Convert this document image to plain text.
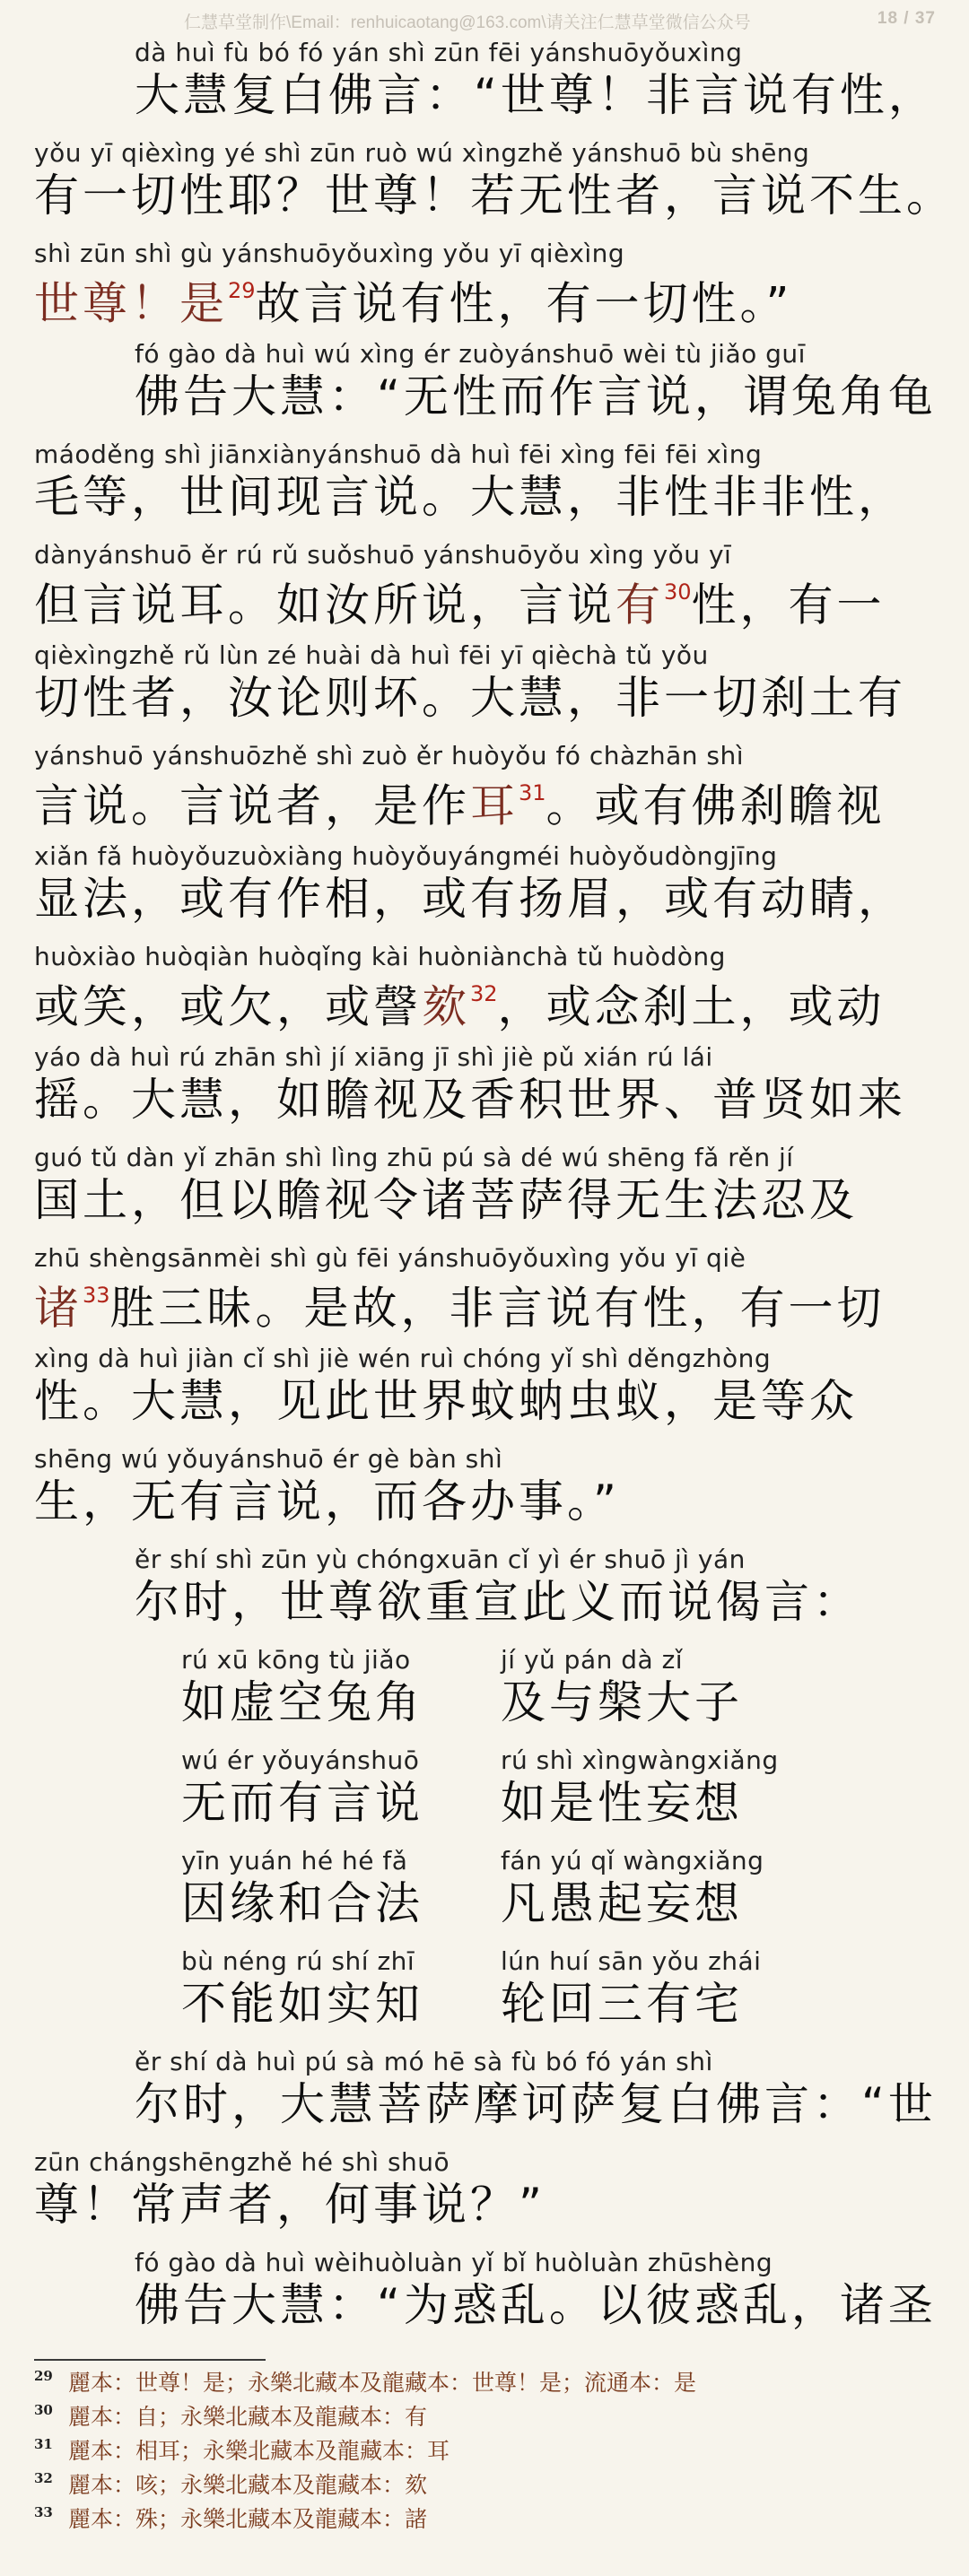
仁慧草堂制作\Email：renhuicaotang@163.com\请关注仁慧草堂微信公众号	18 / 37
dà huì fù bó fó yán shì zūn fēi yánshuōyǒuxìng
大慧复白佛言：“世尊！非言说有性，
yǒu yī qièxìng yé shì zūn ruò wú xìngzhě yánshuō bù shēng
有一切性耶？世尊！若无性者，言说不生。
shì zūn shì gù yánshuōyǒuxìng yǒu yī qièxìng
世尊！是$^{29}$故言说有性，有一切性。”
fó gào dà huì wú xìng ér zuòyánshuō wèi tù jiǎo guī
佛告大慧：“无性而作言说，谓兔角龟
máoděng shì jiānxiànyánshuō dà huì fēi xìng fēi fēi xìng
毛等，世间现言说。大慧，非性非非性，
dànyánshuō ěr rú rǔ suǒshuō yánshuōyǒu xìng yǒu yī
但言说耳。如汝所说，言说有$^{30}$性，有一
qièxìngzhě rǔ lùn zé huài dà huì fēi yī qièchà tǔ yǒu
切性者，汝论则坏。大慧，非一切刹土有
yánshuō yánshuōzhě shì zuò ěr huòyǒu fó chàzhān shì
言说。言说者，是作耳$^{31}$。或有佛刹瞻视
xiǎn fǎ huòyǒuzuòxiàng huòyǒuyángméi huòyǒudòngjīng
显法，或有作相，或有扬眉，或有动睛，
huòxiào huòqiàn huòqǐng kài huòniànchà tǔ huòdòng
或笑，或欠，或謦欬$^{32}$，或念刹土，或动
yáo dà huì rú zhān shì jí xiāng jī shì jiè pǔ xián rú lái
摇。大慧，如瞻视及香积世界、普贤如来
guó tǔ dàn yǐ zhān shì lìng zhū pú sà dé wú shēng fǎ rěn jí
国土，但以瞻视令诸菩萨得无生法忍及
zhū shèngsānmèi shì gù fēi yánshuōyǒuxìng yǒu yī qiè
诸$^{33}$胜三昧。是故，非言说有性，有一切
xìng dà huì jiàn cǐ shì jiè wén ruì chóng yǐ shì děngzhòng
性。大慧，见此世界蚊蚋虫蚁，是等众
shēng wú yǒuyánshuō ér gè bàn shì
生，无有言说，而各办事。”
ěr shí shì zūn yù chóngxuān cǐ yì ér shuō jì yán
尔时，世尊欲重宣此义而说偈言：
rú xū kōng tù jiǎo
如虚空兔角
jí yǔ pán dà zǐ
及与槃大子
wú ér yǒuyánshuō
无而有言说
rú shì xìngwàngxiǎng
如是性妄想
yīn yuán hé hé fǎ
因缘和合法
fán yú qǐ wàngxiǎng
凡愚起妄想
bù néng rú shí zhī
不能如实知
lún huí sān yǒu zhái
轮回三有宅
ěr shí dà huì pú sà mó hē sà fù bó fó yán shì
尔时，大慧菩萨摩诃萨复白佛言：“世
zūn chángshēngzhě hé shì shuō
尊！常声者，何事说？”
fó gào dà huì wèihuòluàn yǐ bǐ huòluàn zhūshèng
佛告大慧：“为惑乱。以彼惑乱，诸圣
29 麗本：世尊！是；永樂北藏本及龍藏本：世尊！是；流通本：是
30 麗本：自；永樂北藏本及龍藏本：有
31 麗本：相耳；永樂北藏本及龍藏本：耳
32 麗本：咳；永樂北藏本及龍藏本：欬
33 麗本：殊；永樂北藏本及龍藏本：諸
